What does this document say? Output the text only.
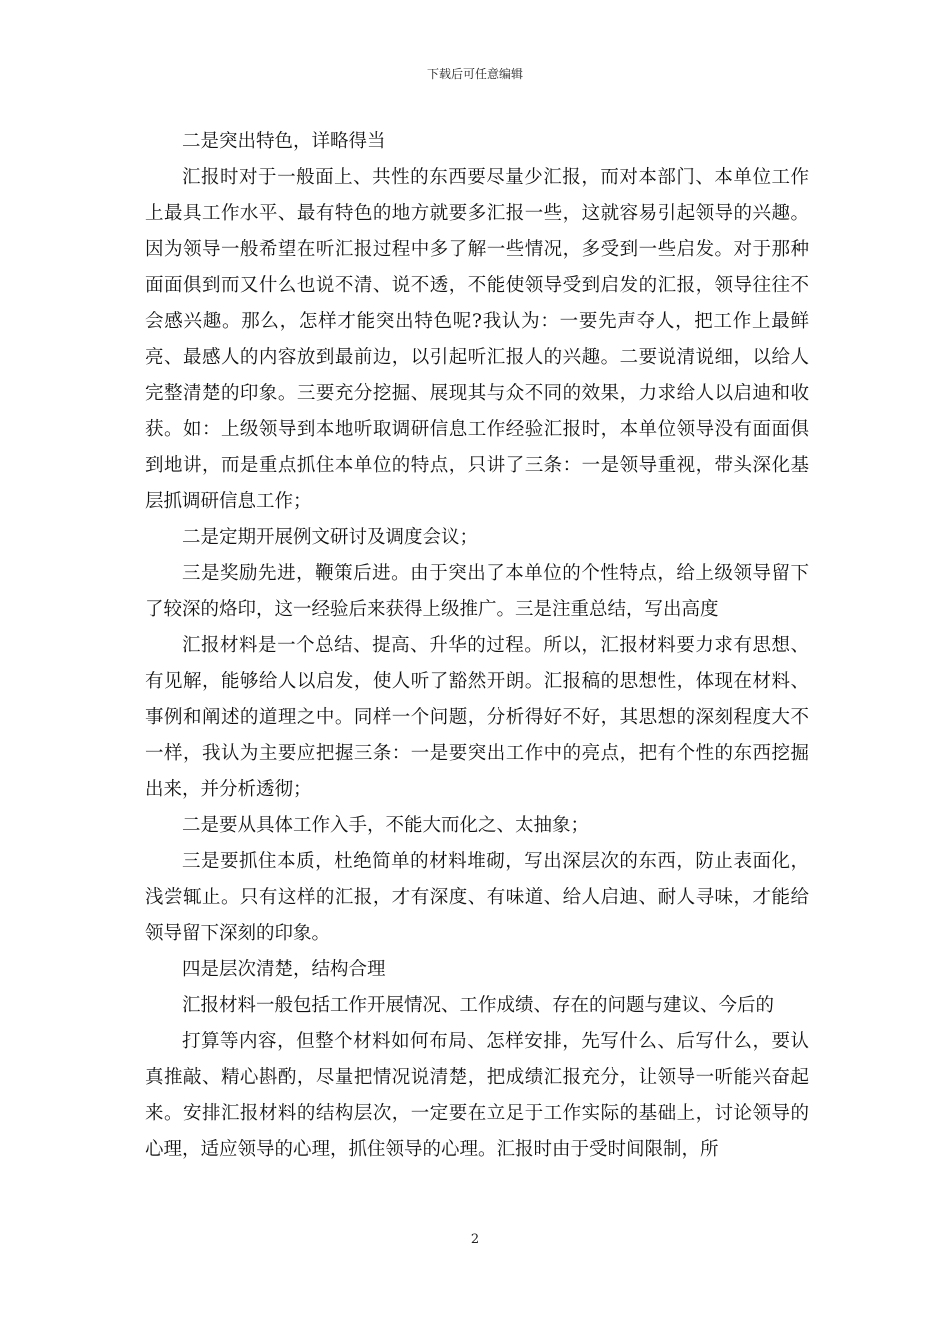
下载后可任意编辑

二是突出特色，详略得当

汇报时对于一般面上、共性的东西要尽量少汇报，而对本部门、本单位工作上最具工作水平、最有特色的地方就要多汇报一些，这就容易引起领导的兴趣。因为领导一般希望在听汇报过程中多了解一些情况，多受到一些启发。对于那种面面俱到而又什么也说不清、说不透，不能使领导受到启发的汇报，领导往往不会感兴趣。那么，怎样才能突出特色呢?我认为：一要先声夺人，把工作上最鲜亮、最感人的内容放到最前边，以引起听汇报人的兴趣。二要说清说细，以给人完整清楚的印象。三要充分挖掘、展现其与众不同的效果，力求给人以启迪和收获。如：上级领导到本地听取调研信息工作经验汇报时，本单位领导没有面面俱到地讲，而是重点抓住本单位的特点，只讲了三条：一是领导重视，带头深化基层抓调研信息工作；

二是定期开展例文研讨及调度会议；

三是奖励先进，鞭策后进。由于突出了本单位的个性特点，给上级领导留下了较深的烙印，这一经验后来获得上级推广。三是注重总结，写出高度

汇报材料是一个总结、提高、升华的过程。所以，汇报材料要力求有思想、有见解，能够给人以启发，使人听了豁然开朗。汇报稿的思想性，体现在材料、事例和阐述的道理之中。同样一个问题，分析得好不好，其思想的深刻程度大不一样，我认为主要应把握三条：一是要突出工作中的亮点，把有个性的东西挖掘出来，并分析透彻；

二是要从具体工作入手，不能大而化之、太抽象；

三是要抓住本质，杜绝简单的材料堆砌，写出深层次的东西，防止表面化，浅尝辄止。只有这样的汇报，才有深度、有味道、给人启迪、耐人寻味，才能给领导留下深刻的印象。

四是层次清楚，结构合理

汇报材料一般包括工作开展情况、工作成绩、存在的问题与建议、今后的

打算等内容，但整个材料如何布局、怎样安排，先写什么、后写什么，要认真推敲、精心斟酌，尽量把情况说清楚，把成绩汇报充分，让领导一听能兴奋起来。安排汇报材料的结构层次，一定要在立足于工作实际的基础上，讨论领导的心理，适应领导的心理，抓住领导的心理。汇报时由于受时间限制，所

2
